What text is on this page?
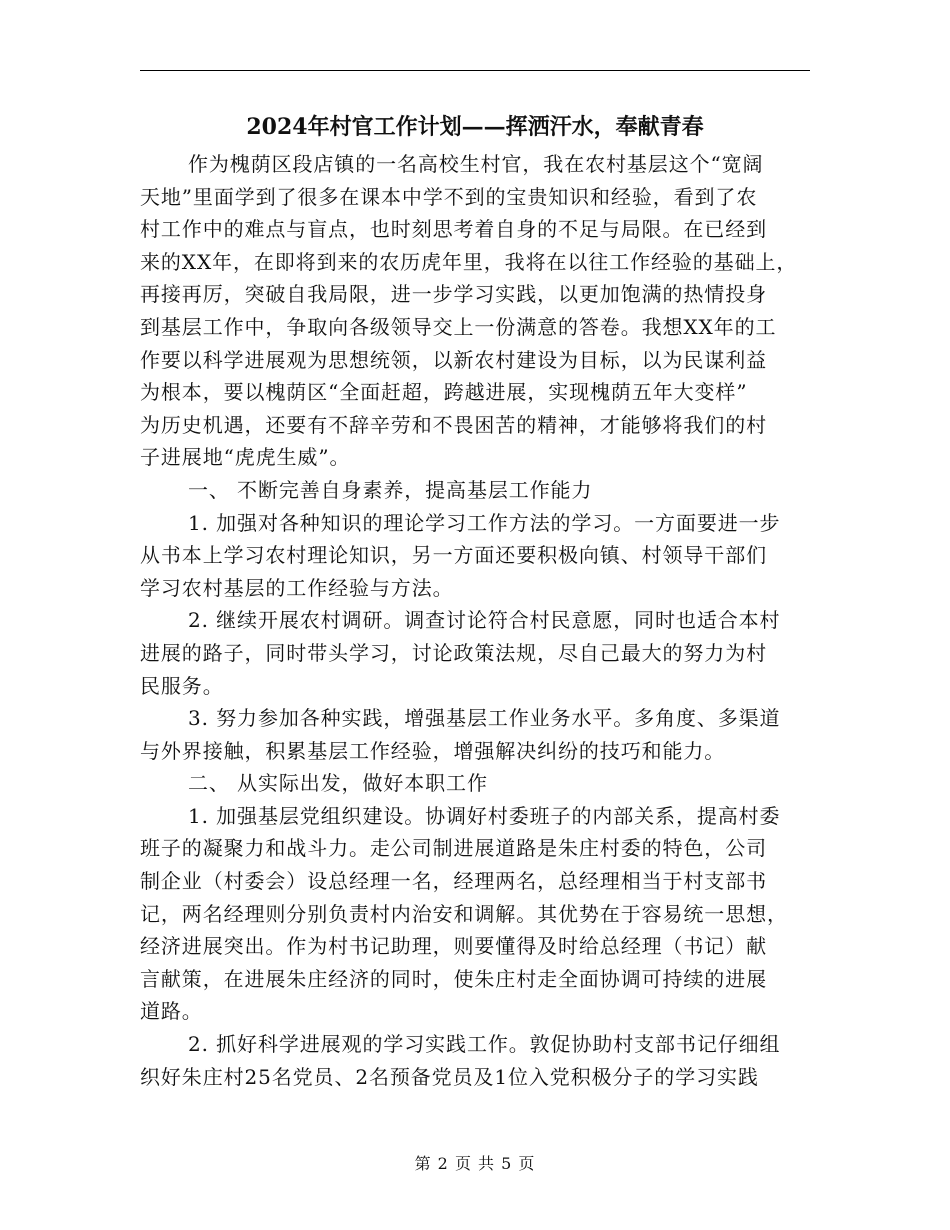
2024年村官工作计划——挥洒汗水，奉献青春
作为槐荫区段店镇的一名高校生村官，我在农村基层这个“宽阔
天地”里面学到了很多在课本中学不到的宝贵知识和经验，看到了农
村工作中的难点与盲点，也时刻思考着自身的不足与局限。在已经到
来的XX年，在即将到来的农历虎年里，我将在以往工作经验的基础上，
再接再厉，突破自我局限，进一步学习实践，以更加饱满的热情投身
到基层工作中，争取向各级领导交上一份满意的答卷。我想XX年的工
作要以科学进展观为思想统领，以新农村建设为目标，以为民谋利益
为根本，要以槐荫区“全面赶超，跨越进展，实现槐荫五年大变样”
为历史机遇，还要有不辞辛劳和不畏困苦的精神，才能够将我们的村
子进展地“虎虎生威”。
一、 不断完善自身素养，提高基层工作能力
1. 加强对各种知识的理论学习工作方法的学习。一方面要进一步
从书本上学习农村理论知识，另一方面还要积极向镇、村领导干部们
学习农村基层的工作经验与方法。
2. 继续开展农村调研。调查讨论符合村民意愿，同时也适合本村
进展的路子，同时带头学习，讨论政策法规，尽自己最大的努力为村
民服务。
3. 努力参加各种实践，增强基层工作业务水平。多角度、多渠道
与外界接触，积累基层工作经验，增强解决纠纷的技巧和能力。
二、 从实际出发，做好本职工作
1. 加强基层党组织建设。协调好村委班子的内部关系，提高村委
班子的凝聚力和战斗力。走公司制进展道路是朱庄村委的特色，公司
制企业（村委会）设总经理一名，经理两名，总经理相当于村支部书
记，两名经理则分别负责村内治安和调解。其优势在于容易统一思想，
经济进展突出。作为村书记助理，则要懂得及时给总经理（书记）献
言献策，在进展朱庄经济的同时，使朱庄村走全面协调可持续的进展
道路。
2. 抓好科学进展观的学习实践工作。敦促协助村支部书记仔细组
织好朱庄村25名党员、2名预备党员及1位入党积极分子的学习实践
第 2 页 共 5 页
